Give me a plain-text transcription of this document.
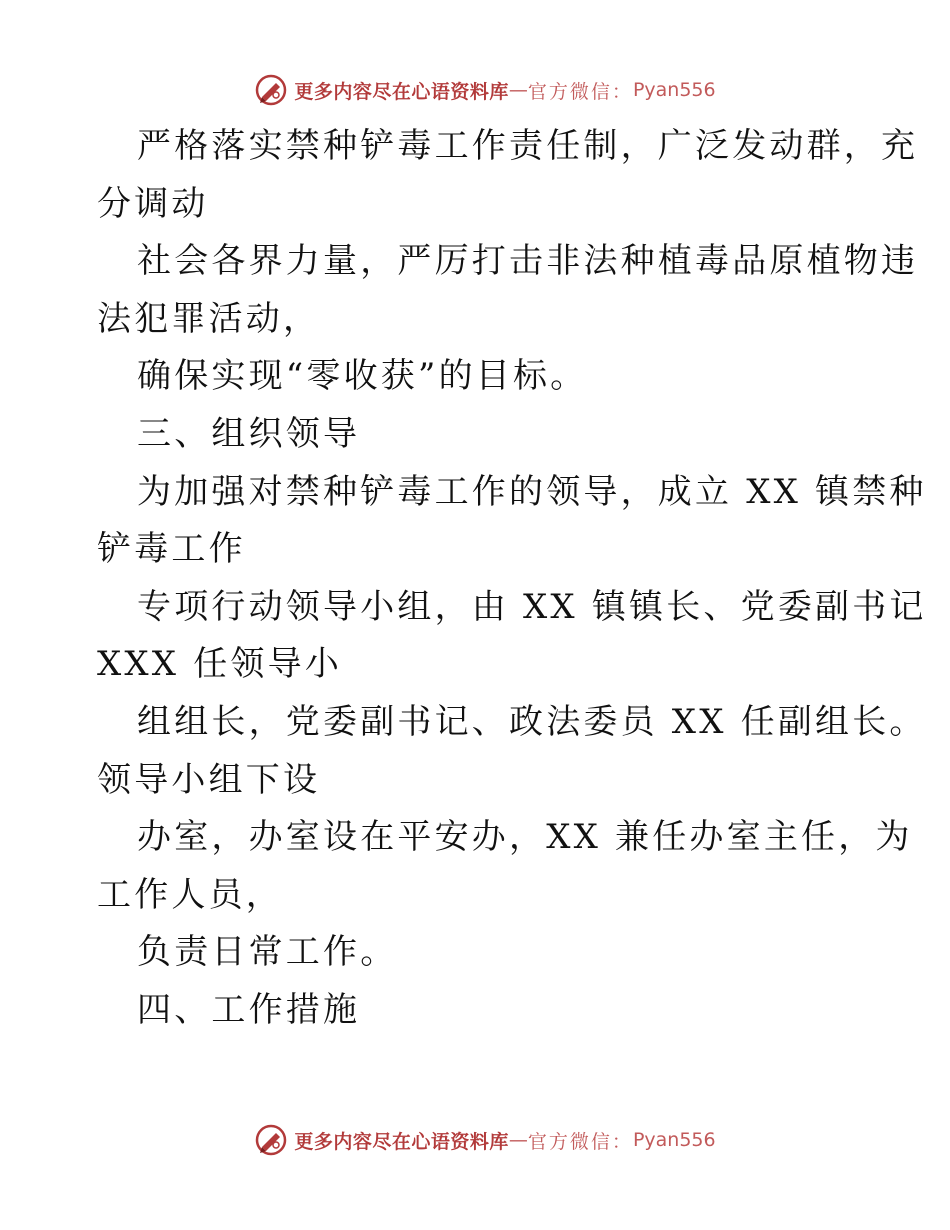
更多内容尽在心语资料库 — 官方微信： Pyan556
严格落实禁种铲毒工作责任制，广泛发动群，充
分调动
社会各界力量，严厉打击非法种植毒品原植物违
法犯罪活动，
确保实现“零收获”的目标。
三、组织领导
为加强对禁种铲毒工作的领导，成立 XX 镇禁种
铲毒工作
专项行动领导小组，由 XX 镇镇长、党委副书记
XXX 任领导小
组组长，党委副书记、政法委员 XX 任副组长。
领导小组下设
办室，办室设在平安办，XX 兼任办室主任，为
工作人员，
负责日常工作。
四、工作措施
更多内容尽在心语资料库 — 官方微信： Pyan556
